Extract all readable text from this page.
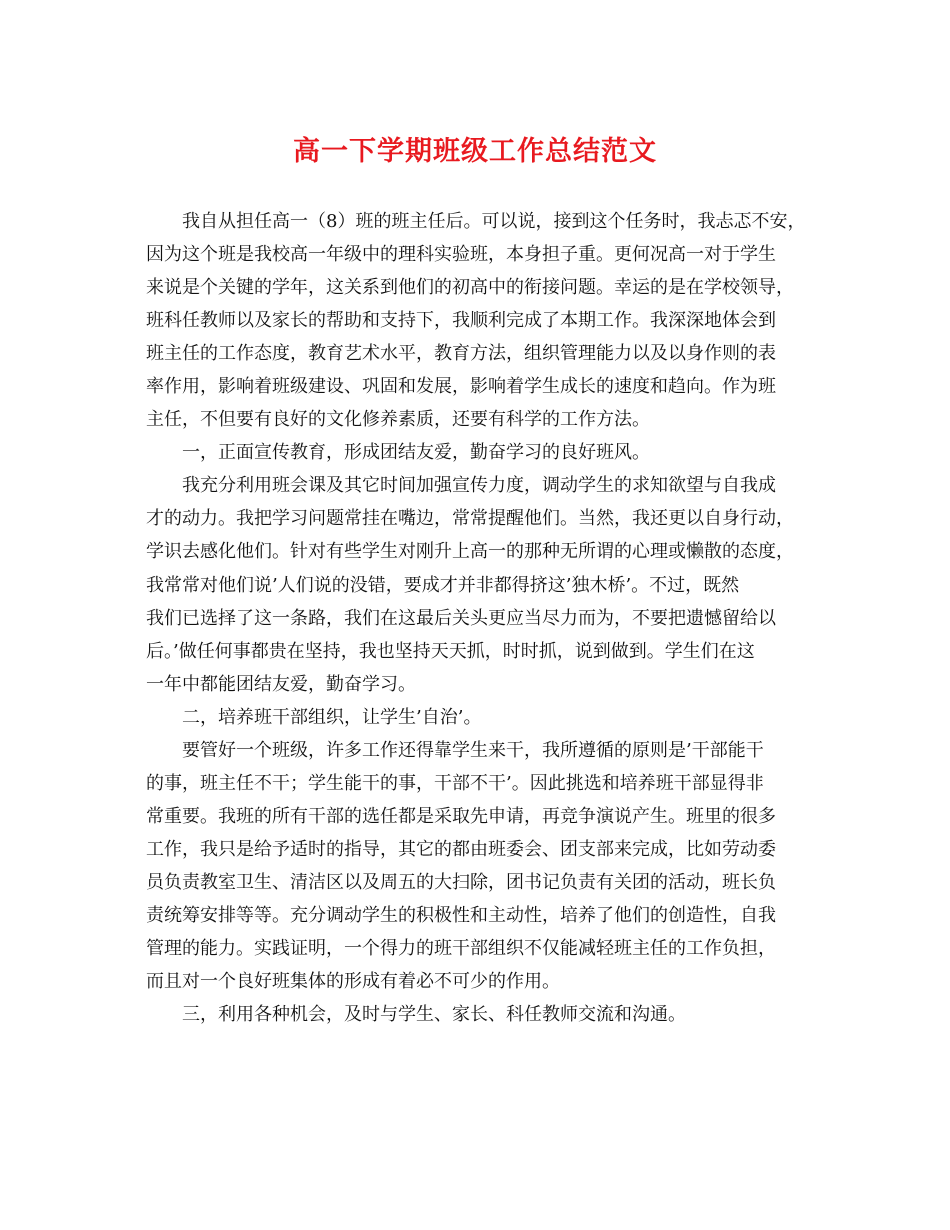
高一下学期班级工作总结范文
我自从担任高一（8）班的班主任后。可以说，接到这个任务时，我忐忑不安，
因为这个班是我校高一年级中的理科实验班，本身担子重。更何况高一对于学生
来说是个关键的学年，这关系到他们的初高中的衔接问题。幸运的是在学校领导，
班科任教师以及家长的帮助和支持下，我顺利完成了本期工作。我深深地体会到
班主任的工作态度，教育艺术水平，教育方法，组织管理能力以及以身作则的表
率作用，影响着班级建设、巩固和发展，影响着学生成长的速度和趋向。作为班
主任，不但要有良好的文化修养素质，还要有科学的工作方法。
一，正面宣传教育，形成团结友爱，勤奋学习的良好班风。
我充分利用班会课及其它时间加强宣传力度，调动学生的求知欲望与自我成
才的动力。我把学习问题常挂在嘴边，常常提醒他们。当然，我还更以自身行动，
学识去感化他们。针对有些学生对刚升上高一的那种无所谓的心理或懒散的态度，
我常常对他们说’人们说的没错，要成才并非都得挤这’独木桥’。不过，既然
我们已选择了这一条路，我们在这最后关头更应当尽力而为，不要把遗憾留给以
后。’做任何事都贵在坚持，我也坚持天天抓，时时抓，说到做到。学生们在这
一年中都能团结友爱，勤奋学习。
二，培养班干部组织，让学生’自治’。
要管好一个班级，许多工作还得靠学生来干，我所遵循的原则是’干部能干
的事，班主任不干；学生能干的事，干部不干’。因此挑选和培养班干部显得非
常重要。我班的所有干部的选任都是采取先申请，再竞争演说产生。班里的很多
工作，我只是给予适时的指导，其它的都由班委会、团支部来完成，比如劳动委
员负责教室卫生、清洁区以及周五的大扫除，团书记负责有关团的活动，班长负
责统筹安排等等。充分调动学生的积极性和主动性，培养了他们的创造性，自我
管理的能力。实践证明，一个得力的班干部组织不仅能减轻班主任的工作负担，
而且对一个良好班集体的形成有着必不可少的作用。
三，利用各种机会，及时与学生、家长、科任教师交流和沟通。
